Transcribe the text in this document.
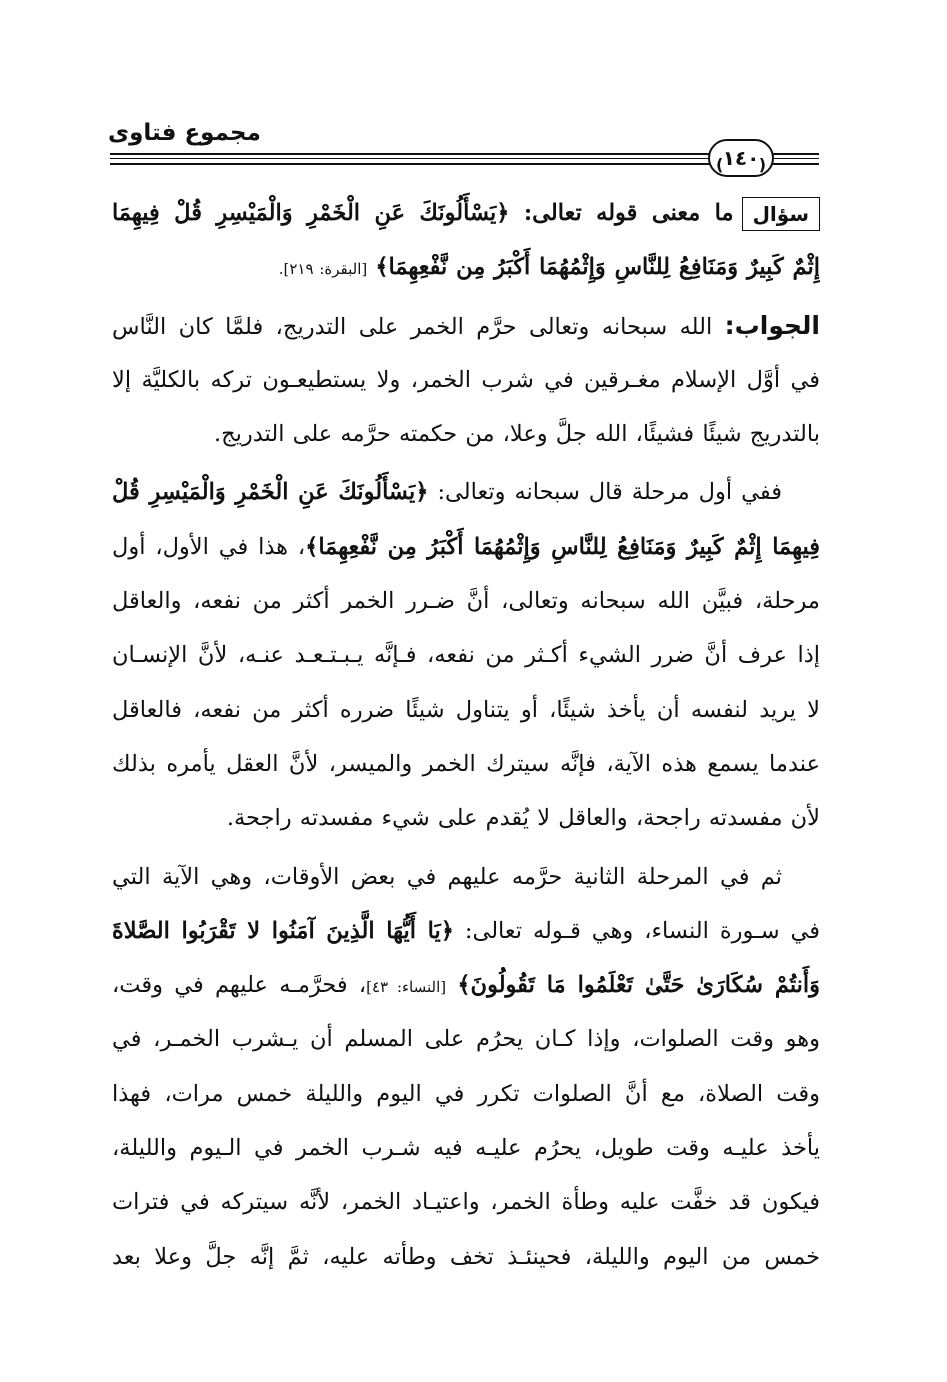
مجموع فتاوى
(
١٤٠
)
سؤالما معنى قوله تعالى: ﴿يَسْأَلُونَكَ عَنِ الْخَمْرِ وَالْمَيْسِرِ قُلْ فِيهِمَا
إِثْمٌ كَبِيرٌ وَمَنَافِعُ لِلنَّاسِ وَإِثْمُهُمَا أَكْبَرُ مِن نَّفْعِهِمَا﴾ [البقرة: ٢١٩].
الجواب: الله سبحانه وتعالى حرَّم الخمر على التدريج، فلمَّا كان النَّاس
في أوَّل الإسلام مغـرقين في شرب الخمر، ولا يستطيعـون تركه بالكليَّة إلا
بالتدريج شيئًا فشيئًا، الله جلَّ وعلا، من حكمته حرَّمه على التدريج.
ففي أول مرحلة قال سبحانه وتعالى: ﴿يَسْأَلُونَكَ عَنِ الْخَمْرِ وَالْمَيْسِرِ قُلْ
فِيهِمَا إِثْمٌ كَبِيرٌ وَمَنَافِعُ لِلنَّاسِ وَإِثْمُهُمَا أَكْبَرُ مِن نَّفْعِهِمَا﴾، هذا في الأول، أول
مرحلة، فبيَّن الله سبحانه وتعالى، أنَّ ضـرر الخمر أكثر من نفعه، والعاقل
إذا عرف أنَّ ضرر الشيء أكـثر من نفعه، فـإنَّه يـبـتـعـد عنـه، لأنَّ الإنسـان
لا يريد لنفسه أن يأخذ شيئًا، أو يتناول شيئًا ضرره أكثر من نفعه، فالعاقل
عندما يسمع هذه الآية، فإنَّه سيترك الخمر والميسر، لأنَّ العقل يأمره بذلك
لأن مفسدته راجحة، والعاقل لا يُقدم على شيء مفسدته راجحة.
ثم في المرحلة الثانية حرَّمه عليهم في بعض الأوقات، وهي الآية التي
في سـورة النساء، وهي قـوله تعالى: ﴿يَا أَيُّهَا الَّذِينَ آمَنُوا لا تَقْرَبُوا الصَّلاةَ
وَأَنتُمْ سُكَارَىٰ حَتَّىٰ تَعْلَمُوا مَا تَقُولُونَ﴾ [النساء: ٤٣]، فحرَّمـه عليهم في وقت،
وهو وقت الصلوات، وإذا كـان يحرُم على المسلم أن يـشرب الخمـر، في
وقت الصلاة، مع أنَّ الصلوات تكرر في اليوم والليلة خمس مرات، فهذا
يأخذ عليـه وقت طويل، يحرُم عليـه فيه شـرب الخمر في الـيوم والليلة،
فيكون قد خفَّت عليه وطأة الخمر، واعتيـاد الخمر، لأنَّه سيتركه في فترات
خمس من اليوم والليلة، فحينئـذ تخف وطأته عليه، ثمَّ إنَّه جلَّ وعلا بعد
